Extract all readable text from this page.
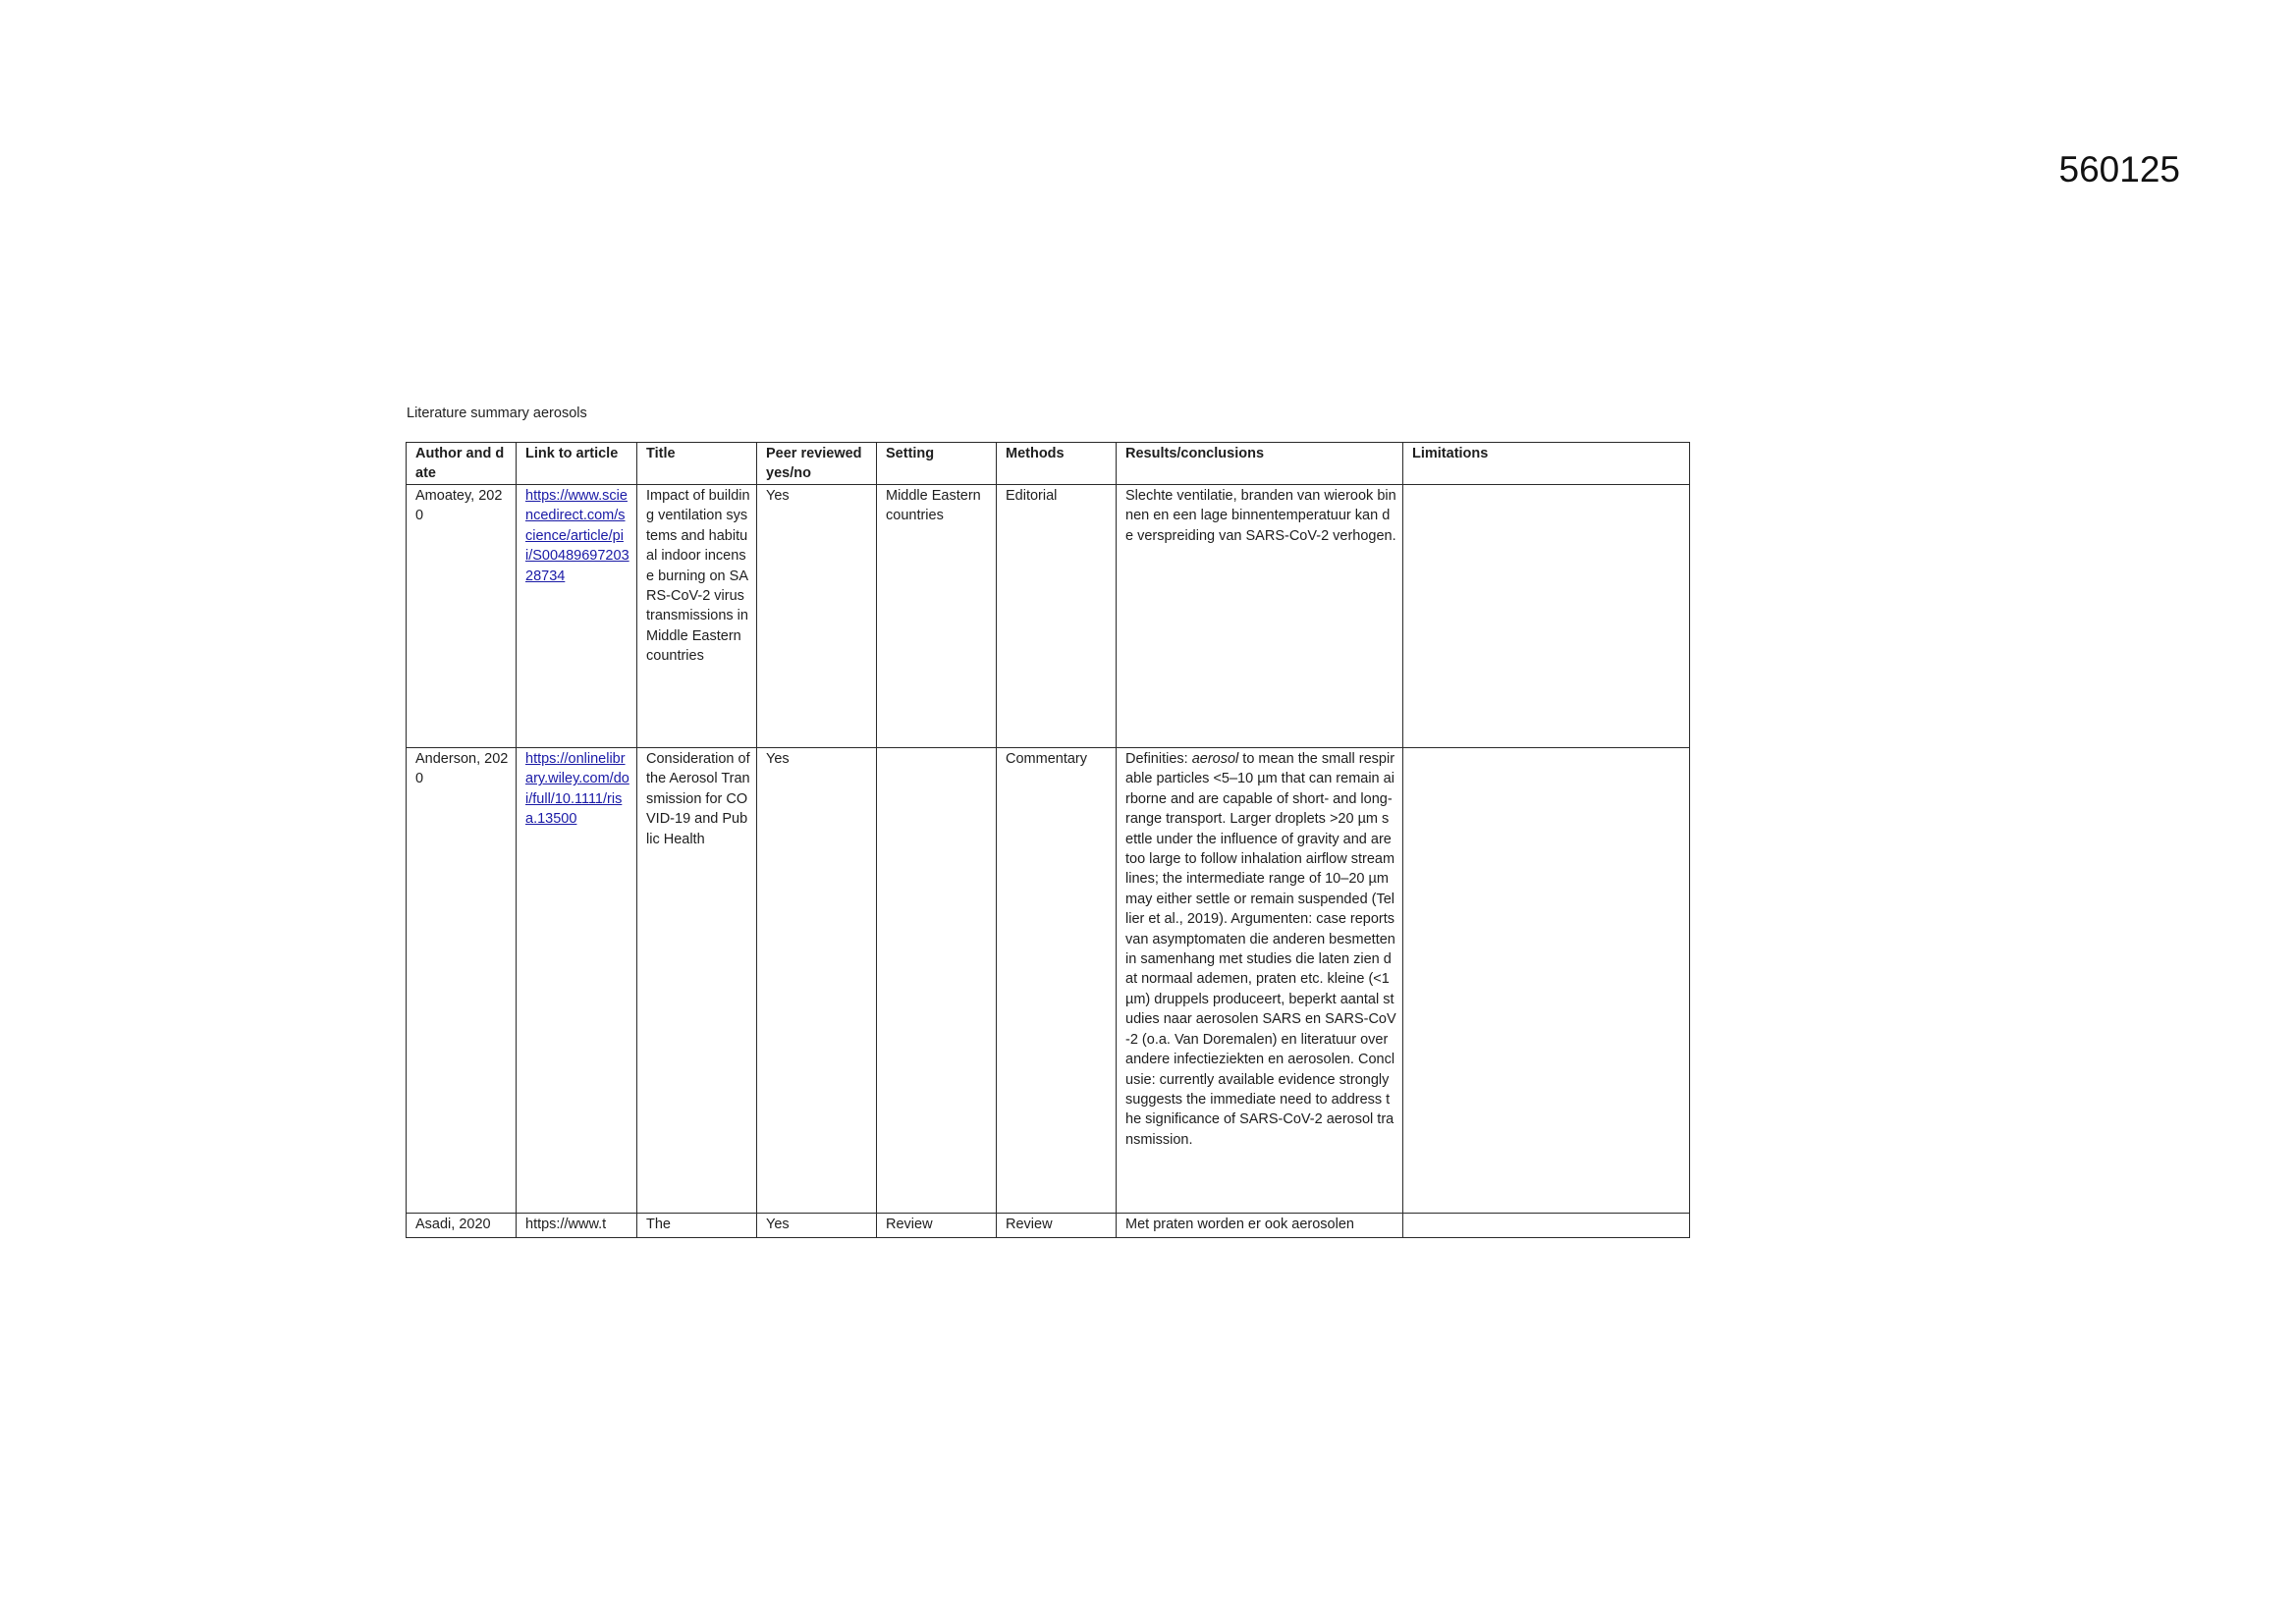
560125
Literature summary aerosols
Author and date	Link to article	Title	Peer reviewed yes/no	Setting	Methods	Results/conclusions	Limitations
Amoatey, 2020	https://www.sciencedirect.com/science/article/pii/S0048969720328734	Impact of building ventilation systems and habitual indoor incense burning on SARS-CoV-2 virus transmissions in Middle Eastern countries	Yes	Middle Eastern countries	Editorial	Slechte ventilatie, branden van wierook binnen en een lage binnentemperatuur kan de verspreiding van SARS-CoV-2 verhogen.	
Anderson, 2020	https://onlinelibrary.wiley.com/doi/full/10.1111/risa.13500	Consideration of the Aerosol Transmission for COVID-19 and Public Health	Yes		Commentary	Definities: aerosol to mean the small respirable particles <5–10 µm that can remain airborne and are capable of short- and long-range transport. Larger droplets >20 µm settle under the influence of gravity and are too large to follow inhalation airflow streamlines; the intermediate range of 10–20 µm may either settle or remain suspended (Tellier et al., 2019). Argumenten: case reports van asymptomaten die anderen besmetten in samenhang met studies die laten zien dat normaal ademen, praten etc. kleine (<1 µm) druppels produceert, beperkt aantal studies naar aerosolen SARS en SARS-CoV-2 (o.a. Van Doremalen) en literatuur over andere infectieziekten en aerosolen. Conclusie: currently available evidence strongly suggests the immediate need to address the significance of SARS-CoV-2 aerosol transmission.	
Asadi, 2020	https://www.t	The	Yes	Review	Review	Met praten worden er ook aerosolen	
